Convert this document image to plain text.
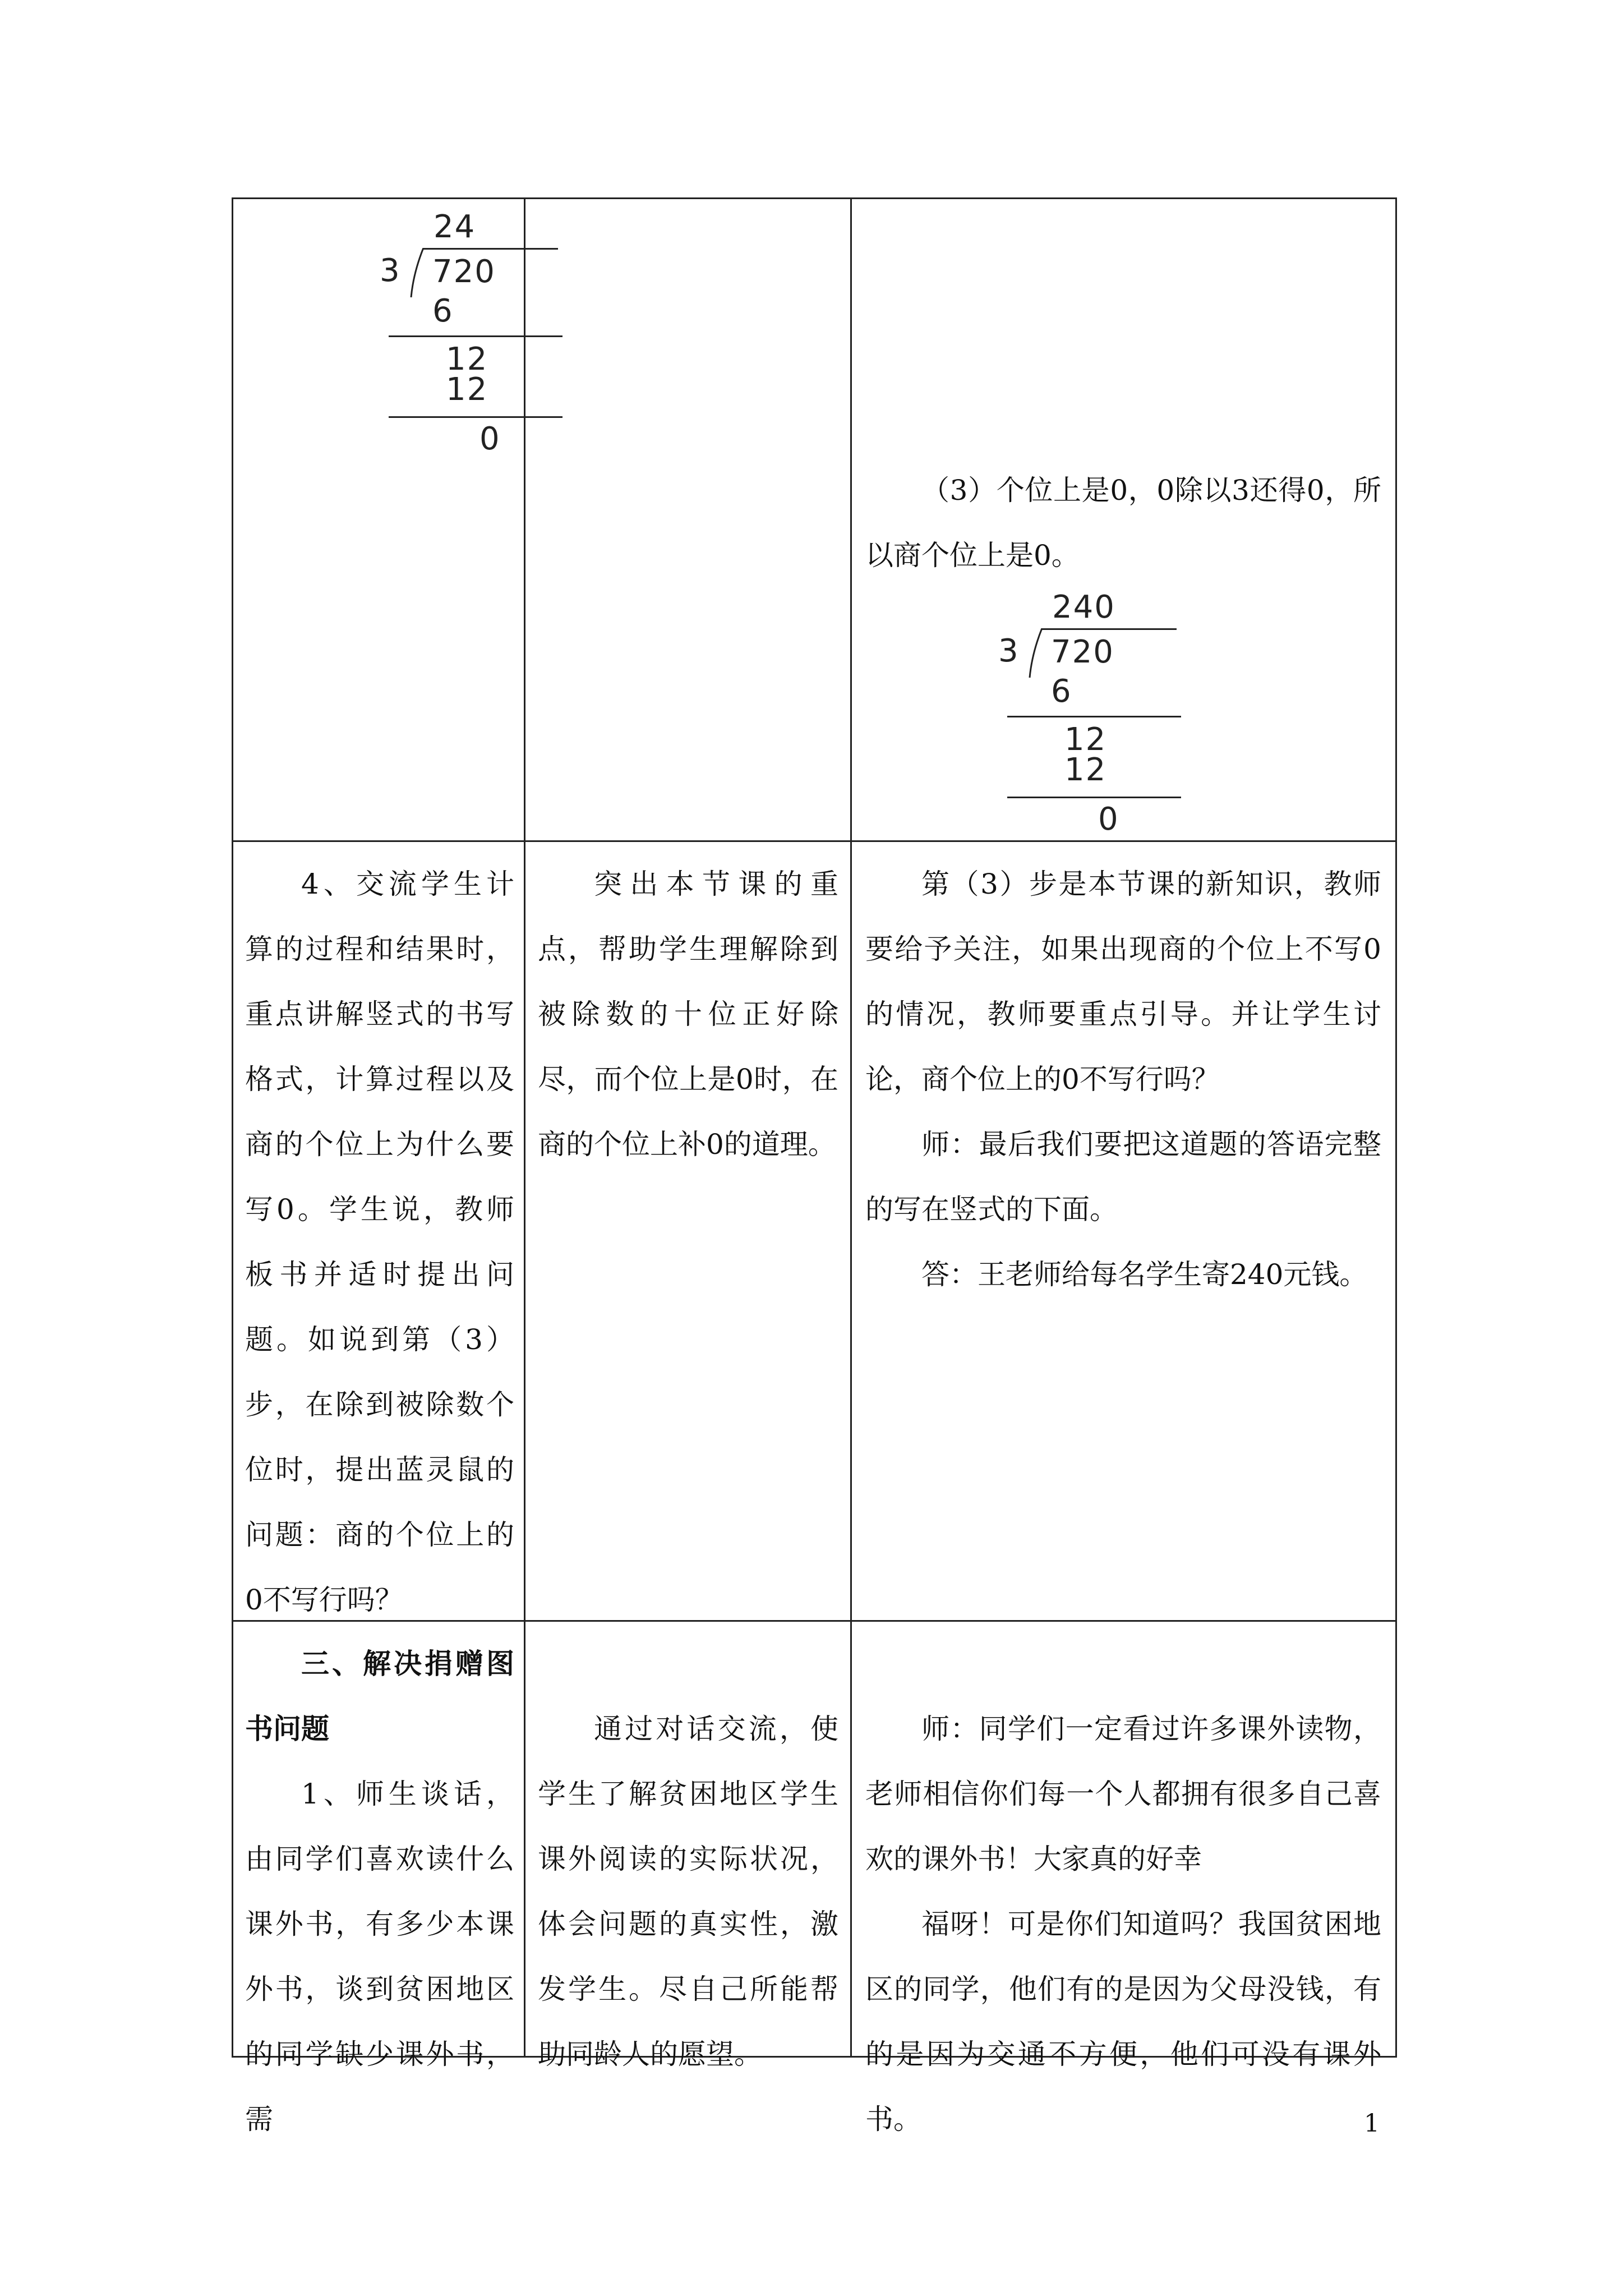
24
3 720
6
12
12
0

（3）个位上是0，0除以3还得0，所以商个位上是0。

240
3 720
6
12
12
0

4、交流学生计算的过程和结果时，重点讲解竖式的书写格式，计算过程以及商的个位上为什么要写0。学生说，教师板书并适时提出问题。如说到第（3）步，在除到被除数个位时，提出蓝灵鼠的问题：商的个位上的0不写行吗？

突出本节课的重点，帮助学生理解除到被除数的十位正好除尽，而个位上是0时，在商的个位上补0的道理。

第（3）步是本节课的新知识，教师要给予关注，如果出现商的个位上不写0的情况，教师要重点引导。并让学生讨论，商个位上的0不写行吗？

师：最后我们要把这道题的答语完整的写在竖式的下面。

答：王老师给每名学生寄240元钱。

三、解决捐赠图书问题

1、师生谈话，由同学们喜欢读什么课外书，有多少本课外书，谈到贫困地区的同学缺少课外书，需

通过对话交流，使学生了解贫困地区学生课外阅读的实际状况，体会问题的真实性，激发学生。尽自己所能帮助同龄人的愿望。

师：同学们一定看过许多课外读物，老师相信你们每一个人都拥有很多自己喜欢的课外书！大家真的好幸

福呀！可是你们知道吗？我国贫困地区的同学，他们有的是因为父母没钱，有的是因为交通不方便，他们可没有课外书。	1
